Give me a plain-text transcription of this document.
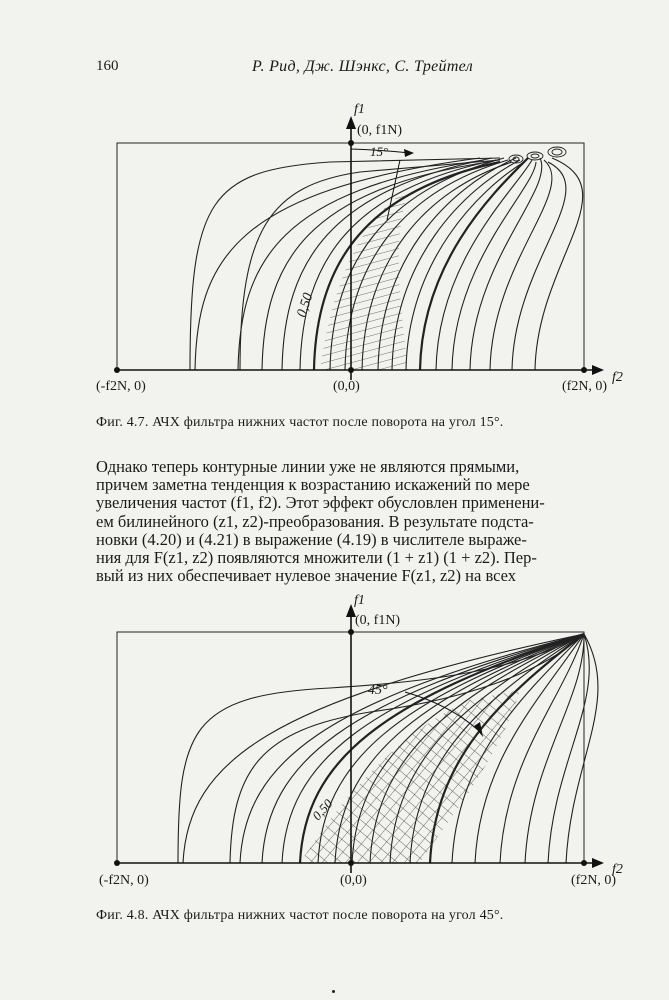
160	Р. Рид, Дж. Шэнкс, С. Трейтел
f1
(0, f1N)
f2
(0,0)
(-f2N, 0)	(f2N, 0)
15°
0,50
Фиг. 4.7. АЧХ фильтра нижних частот после поворота на угол 15°.

Однако теперь контурные линии уже не являются прямыми,

причем заметна тенденция к возрастанию искажений по мере

увеличения частот (f1, f2). Этот эффект обусловлен применени-

ем билинейного (z1, z2)-преобразования. В результате подста-

новки (4.20) и (4.21) в выражение (4.19) в числителе выраже-

ния для F(z1, z2) появляются множители (1 + z1) (1 + z2). Пер-

вый из них обеспечивает нулевое значение F(z1, z2) на всех

f1
(0, f1N)
f2
(0,0)
(-f2N, 0)	(f2N, 0)
45°
0,50
Фиг. 4.8. АЧХ фильтра нижних частот после поворота на угол 45°.
